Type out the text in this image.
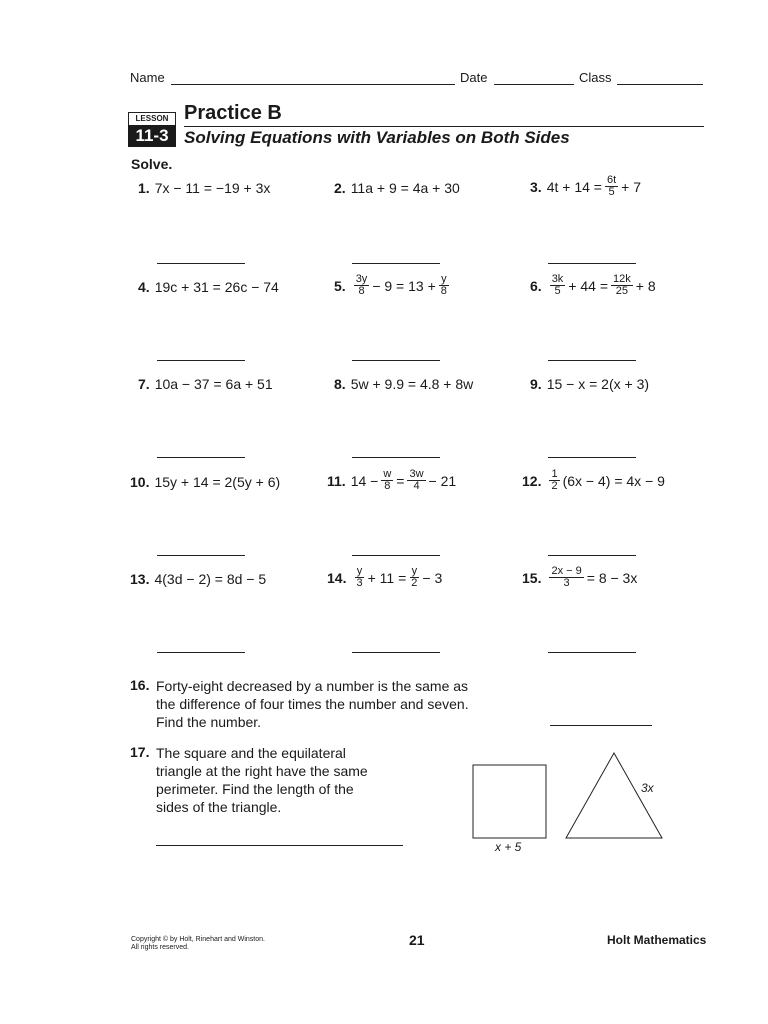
Name	Date	Class
LESSON
11-3
Practice B
Solving Equations with Variables on Both Sides
Solve.
1. 7x − 11 = −19 + 3x	2. 11a + 9 = 4a + 30	3. $4t + 14 = \frac{6t}{5} + 7$
4. 19c + 31 = 26c − 74	5. $\frac{3y}{8} - 9 = 13 + \frac{y}{8}$	6. $\frac{3k}{5} + 44 = \frac{12k}{25} + 8$
7. 10a − 37 = 6a + 51	8. 5w + 9.9 = 4.8 + 8w	9. 15 − x = 2(x + 3)
10. 15y + 14 = 2(5y + 6)	11. $14 - \frac{w}{8} = \frac{3w}{4} - 21$	12. $\frac{1}{2} (6x - 4) = 4x - 9$
13. 4(3d − 2) = 8d − 5	14. $\frac{y}{3} + 11 = \frac{y}{2} - 3$	15. $\frac{2x - 9}{3} = 8 - 3x$
16. Forty-eight decreased by a number is the same as
the difference of four times the number and seven.
Find the number.
17. The square and the equilateral
triangle at the right have the same
perimeter. Find the length of the
sides of the triangle.
x + 5
3x
Copyright © by Holt, Rinehart and Winston.
All rights reserved.	21	Holt Mathematics
